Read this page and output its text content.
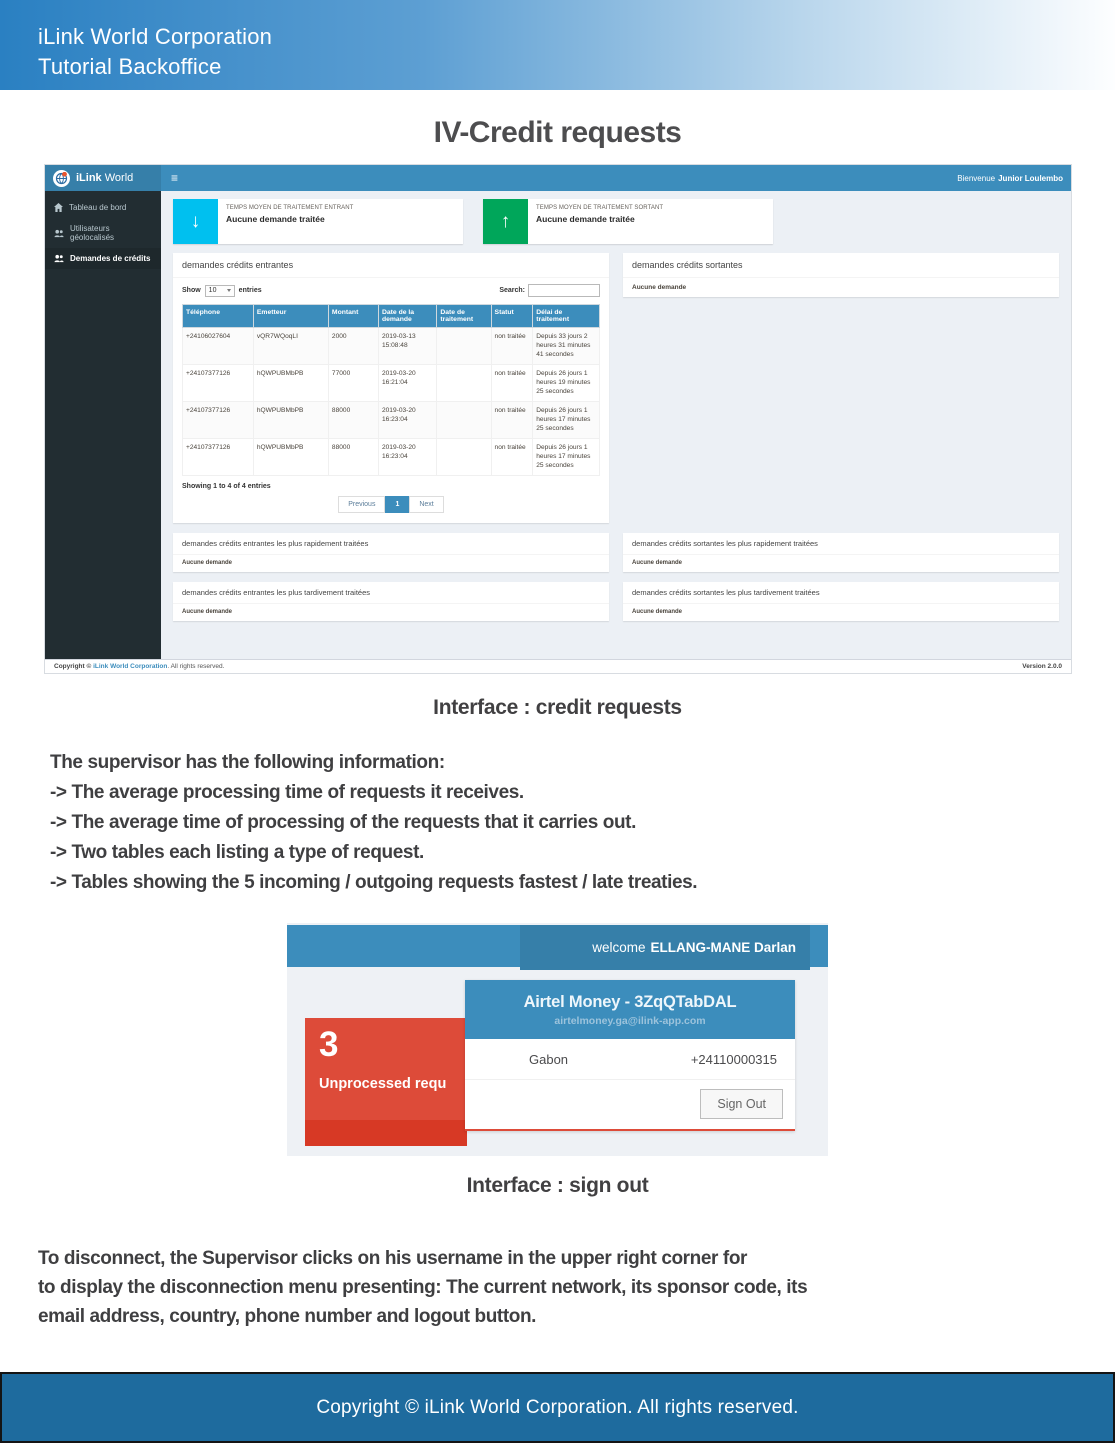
iLink World Corporation
Tutorial Backoffice
IV-Credit requests
iLink World	≡	Bienvenue Junior Loulembo
Tableau de bord
Utilisateurs géolocalisés
Demandes de crédits
↓
TEMPS MOYEN DE TRAITEMENT ENTRANT
Aucune demande traitée	↑
TEMPS MOYEN DE TRAITEMENT SORTANT
Aucune demande traitée
demandes crédits entrantes
Show 10	entries	Search:
Téléphone	Emetteur	Montant	Date de la demande	Date de traitement	Statut	Délai de traitement
+24106027604	vQR7WQoqLI	2000	2019-03-13 15:08:48		non traitée	Depuis 33 jours 2 heures 31 minutes 41 secondes
+24107377126	hQWPUBMbPB	77000	2019-03-20 16:21:04		non traitée	Depuis 26 jours 1 heures 19 minutes 25 secondes
+24107377126	hQWPUBMbPB	88000	2019-03-20 16:23:04		non traitée	Depuis 26 jours 1 heures 17 minutes 25 secondes
+24107377126	hQWPUBMbPB	88000	2019-03-20 16:23:04		non traitée	Depuis 26 jours 1 heures 17 minutes 25 secondes
Showing 1 to 4 of 4 entries
Previous	1	Next
demandes crédits sortantes
Aucune demande
demandes crédits entrantes les plus rapidement traitées
Aucune demande
demandes crédits sortantes les plus rapidement traitées
Aucune demande
demandes crédits entrantes les plus tardivement traitées
Aucune demande
demandes crédits sortantes les plus tardivement traitées
Aucune demande
Copyright © iLink World Corporation. All rights reserved.	Version 2.0.0
Interface : credit requests
The supervisor has the following information:
-> The average processing time of requests it receives.
-> The average time of processing of the requests that it carries out.
-> Two tables each listing a type of request.
-> Tables showing the 5 incoming / outgoing requests fastest / late treaties.
welcome ELLANG-MANE Darlan
3
Unprocessed requ
Airtel Money - 3ZqQTabDAL
airtelmoney.ga@ilink-app.com
Gabon	+24110000315
Sign Out
Interface : sign out
To disconnect, the Supervisor clicks on his username in the upper right corner for
to display the disconnection menu presenting: The current network, its sponsor code, its
email address, country, phone number and logout button.
Copyright © iLink World Corporation. All rights reserved.
